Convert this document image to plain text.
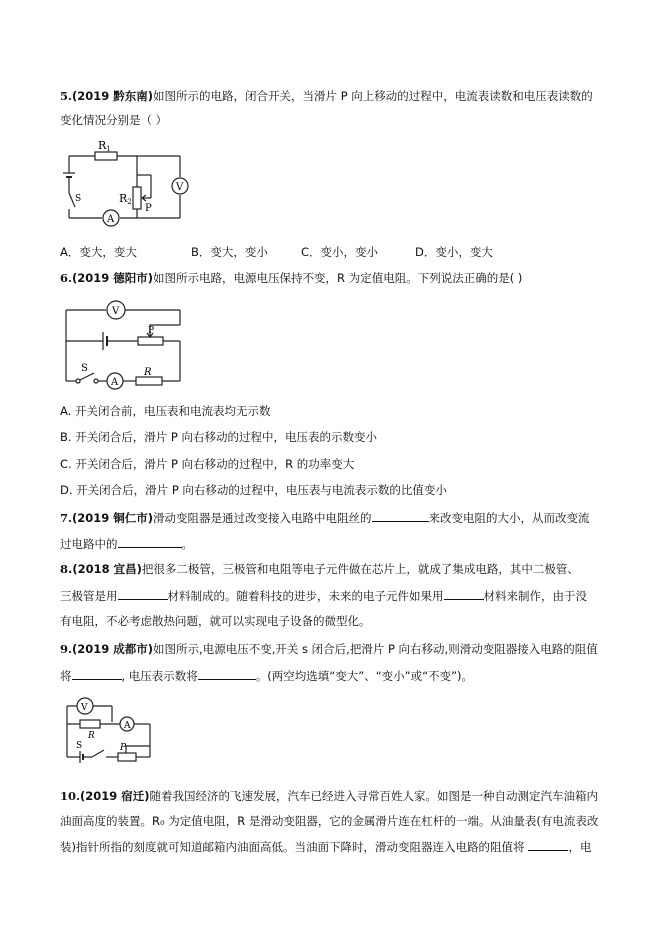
5.(2019 黔东南)如图所示的电路，闭合开关，当滑片 P 向上移动的过程中，电流表读数和电压表读数的
变化情况分别是（ ）
R1
R2
P
S
V
A
A．变大，变大	B．变大，变小	C．变小，变小	D．变小，变大
6.(2019 德阳市)如图所示电路，电源电压保持不变，R 为定值电阻。下列说法正确的是( )
V
P
S
A
R
A. 开关闭合前，电压表和电流表均无示数
B. 开关闭合后，滑片 P 向右移动的过程中，电压表的示数变小
C. 开关闭合后，滑片 P 向右移动的过程中，R 的功率变大
D. 开关闭合后，滑片 P 向右移动的过程中，电压表与电流表示数的比值变小
7.(2019 铜仁市)滑动变阻器是通过改变接入电路中电阻丝的	来改变电阻的大小，从而改变流
过电路中的	。
8.(2018 宜昌)把很多二极管，三极管和电阻等电子元件做在芯片上，就成了集成电路，其中二极管、
三极管是用	材料制成的。随着科技的进步，未来的电子元件如果用	材料来制作，由于没
有电阻，不必考虑散热问题，就可以实现电子设备的微型化。
9.(2019 成都市)如图所示,电源电压不变,开关 s 闭合后,把滑片 P 向右移动,则滑动变阻器接入电路的阻值
将	, 电压表示数将	。(两空均选填“变大”、“变小”或“不变”)。
V
R
A
S	P
10.(2019 宿迁)随着我国经济的飞速发展，汽车已经进入寻常百姓人家。如图是一种自动测定汽车油箱内
油面高度的装置。R₀ 为定值电阻，R 是滑动变阻器，它的金属滑片连在杠杆的一端。从油量表(有电流表改
装)指针所指的刻度就可知道邮箱内油面高低。当油面下降时，滑动变阻器连入电路的阻值将	，电
